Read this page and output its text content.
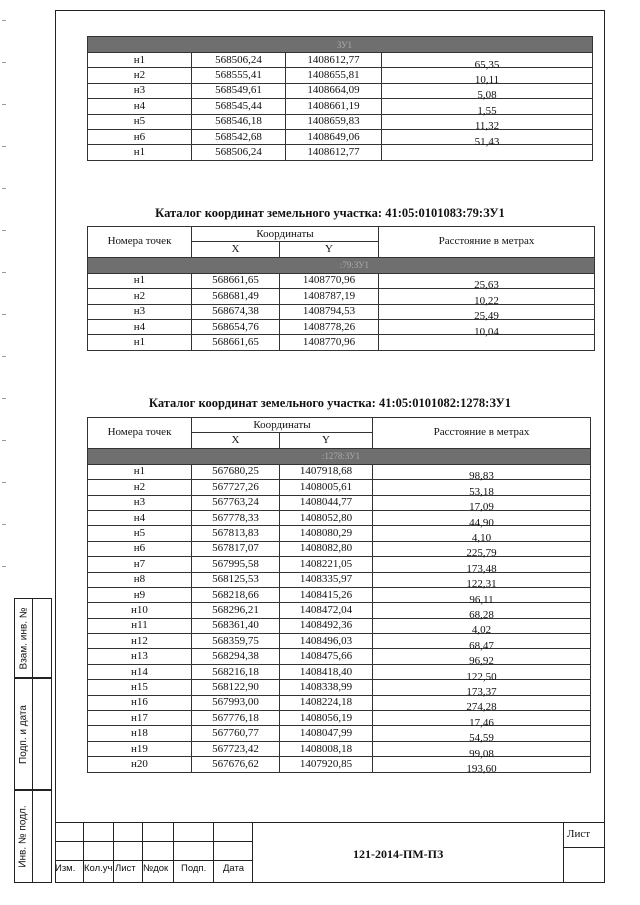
ЗУ1			
н1	568506,24	1408612,77	65,35
н2	568555,41	1408655,81	10,11
н3	568549,61	1408664,09	5,08
н4	568545,44	1408661,19	1,55
н5	568546,18	1408659,83	11,32
н6	568542,68	1408649,06	51,43
н1	568506,24	1408612,77	
Каталог координат земельного участка: 41:05:0101083:79:ЗУ1
Номера точек	Координаты		Расстояние в метрах
	X	Y	
:79:ЗУ1			
н1	568661,65	1408770,96	25,63
н2	568681,49	1408787,19	10,22
н3	568674,38	1408794,53	25,49
н4	568654,76	1408778,26	10,04
н1	568661,65	1408770,96	
Каталог координат земельного участка: 41:05:0101082:1278:ЗУ1
Номера точек	Координаты		Расстояние в метрах
	X	Y	
:1278:ЗУ1			
н1	567680,25	1407918,68	98,83
н2	567727,26	1408005,61	53,18
н3	567763,24	1408044,77	17,09
н4	567778,33	1408052,80	44,90
н5	567813,83	1408080,29	4,10
н6	567817,07	1408082,80	225,79
н7	567995,58	1408221,05	173,48
н8	568125,53	1408335,97	122,31
н9	568218,66	1408415,26	96,11
н10	568296,21	1408472,04	68,28
н11	568361,40	1408492,36	4,02
н12	568359,75	1408496,03	68,47
н13	568294,38	1408475,66	96,92
н14	568216,18	1408418,40	122,50
н15	568122,90	1408338,99	173,37
н16	567993,00	1408224,18	274,28
н17	567776,18	1408056,19	17,46
н18	567760,77	1408047,99	54,59
н19	567723,42	1408008,18	99,08
н20	567676,62	1407920,85	193,60
Взам. инв. №
Подп. и дата
Инв. № подл.
Изм. Кол.уч Лист №док Подп. Дата
121-2014-ПМ-ПЗ
Лист
